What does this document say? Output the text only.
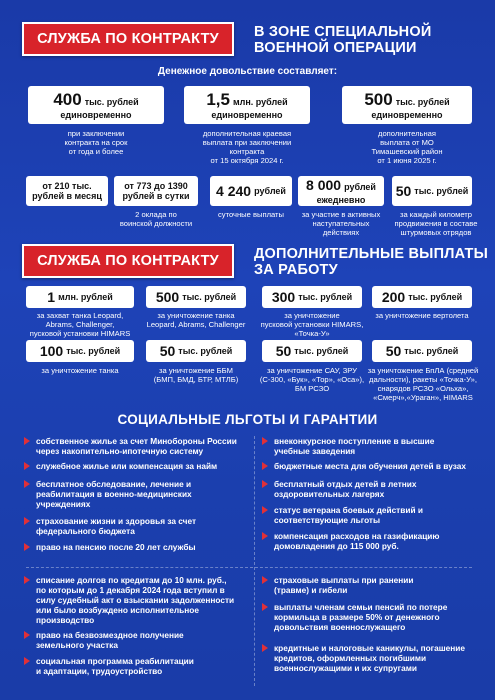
СЛУЖБА ПО КОНТРАКТУ В ЗОНЕ СПЕЦИАЛЬНОЙ
ВОЕННОЙ ОПЕРАЦИИ
Денежное довольствие составляет:
400 тыс. рублей
единовременно
при заключении
контракта на срок
от года и более
1,5 млн. рублей
единовременно
дополнительная краевая
выплата при заключении
контракта
от 15 октября 2024 г.
500 тыс. рублей
единовременно
дополнительная
выплата от МО
Тимашевский район
от 1 июня 2025 г.
от 210 тыс.
рублей в месяц
от 773 до 1390
рублей в сутки
2 оклада по
воинской должности
4 240 рублей
суточные выплаты
8 000 рублей
ежедневно
за участие в активных
наступательных
действиях
50 тыс. рублей
за каждый километр
продвижения в составе
штурмовых отрядов
СЛУЖБА ПО КОНТРАКТУ ДОПОЛНИТЕЛЬНЫЕ ВЫПЛАТЫ
ЗА РАБОТУ
1 млн. рублей
за захват танка Leopard,
Abrams, Challenger,
пусковой установки HIMARS
500 тыс. рублей
за уничтожение танка
Leopard, Abrams, Challenger
300 тыс. рублей
за уничтожение
пусковой установки HIMARS,
«Точка-У»
200 тыс. рублей
за уничтожение вертолета
100 тыс. рублей
за уничтожение танка
50 тыс. рублей
за уничтожение ББМ
(БМП, БМД, БТР, МТЛБ)
50 тыс. рублей
за уничтожение САУ, ЗРУ
(С-300, «Бук», «Тор», «Оса»),
БМ РСЗО
50 тыс. рублей
за уничтожение БпЛА (средней
дальности), ракеты «Точка-У»,
снарядов РСЗО «Ольха»,
«Смерч»,«Ураган», HIMARS
СОЦИАЛЬНЫЕ ЛЬГОТЫ И ГАРАНТИИ
собственное жилье за счет Минобороны России
через накопительно-ипотечную систему
служебное жилье или компенсация за найм
бесплатное обследование, лечение и
реабилитация в военно-медицинских
учреждениях
страхование жизни и здоровья за счет
федерального бюджета
право на пенсию после 20 лет службы
внеконкурсное поступление в высшие
учебные заведения
бюджетные места для обучения детей в вузах
бесплатный отдых детей в летних
оздоровительных лагерях
статус ветерана боевых действий и
соответствующие льготы
компенсация расходов на газификацию
домовладения до 115 000 руб.
списание долгов по кредитам до 10 млн. руб.,
по которым до 1 декабря 2024 года вступил в
силу судебный акт о взыскании задолженности
или было возбуждено исполнительное
производство
право на безвозмездное получение
земельного участка
социальная программа реабилитации
и адаптации, трудоустройство
страховые выплаты при ранении
(травме) и гибели
выплаты членам семьи пенсий по потере
кормильца в размере 50% от денежного
довольствия военнослужащего
кредитные и налоговые каникулы, погашение
кредитов, оформленных погибшими
военнослужащими и их супругами
